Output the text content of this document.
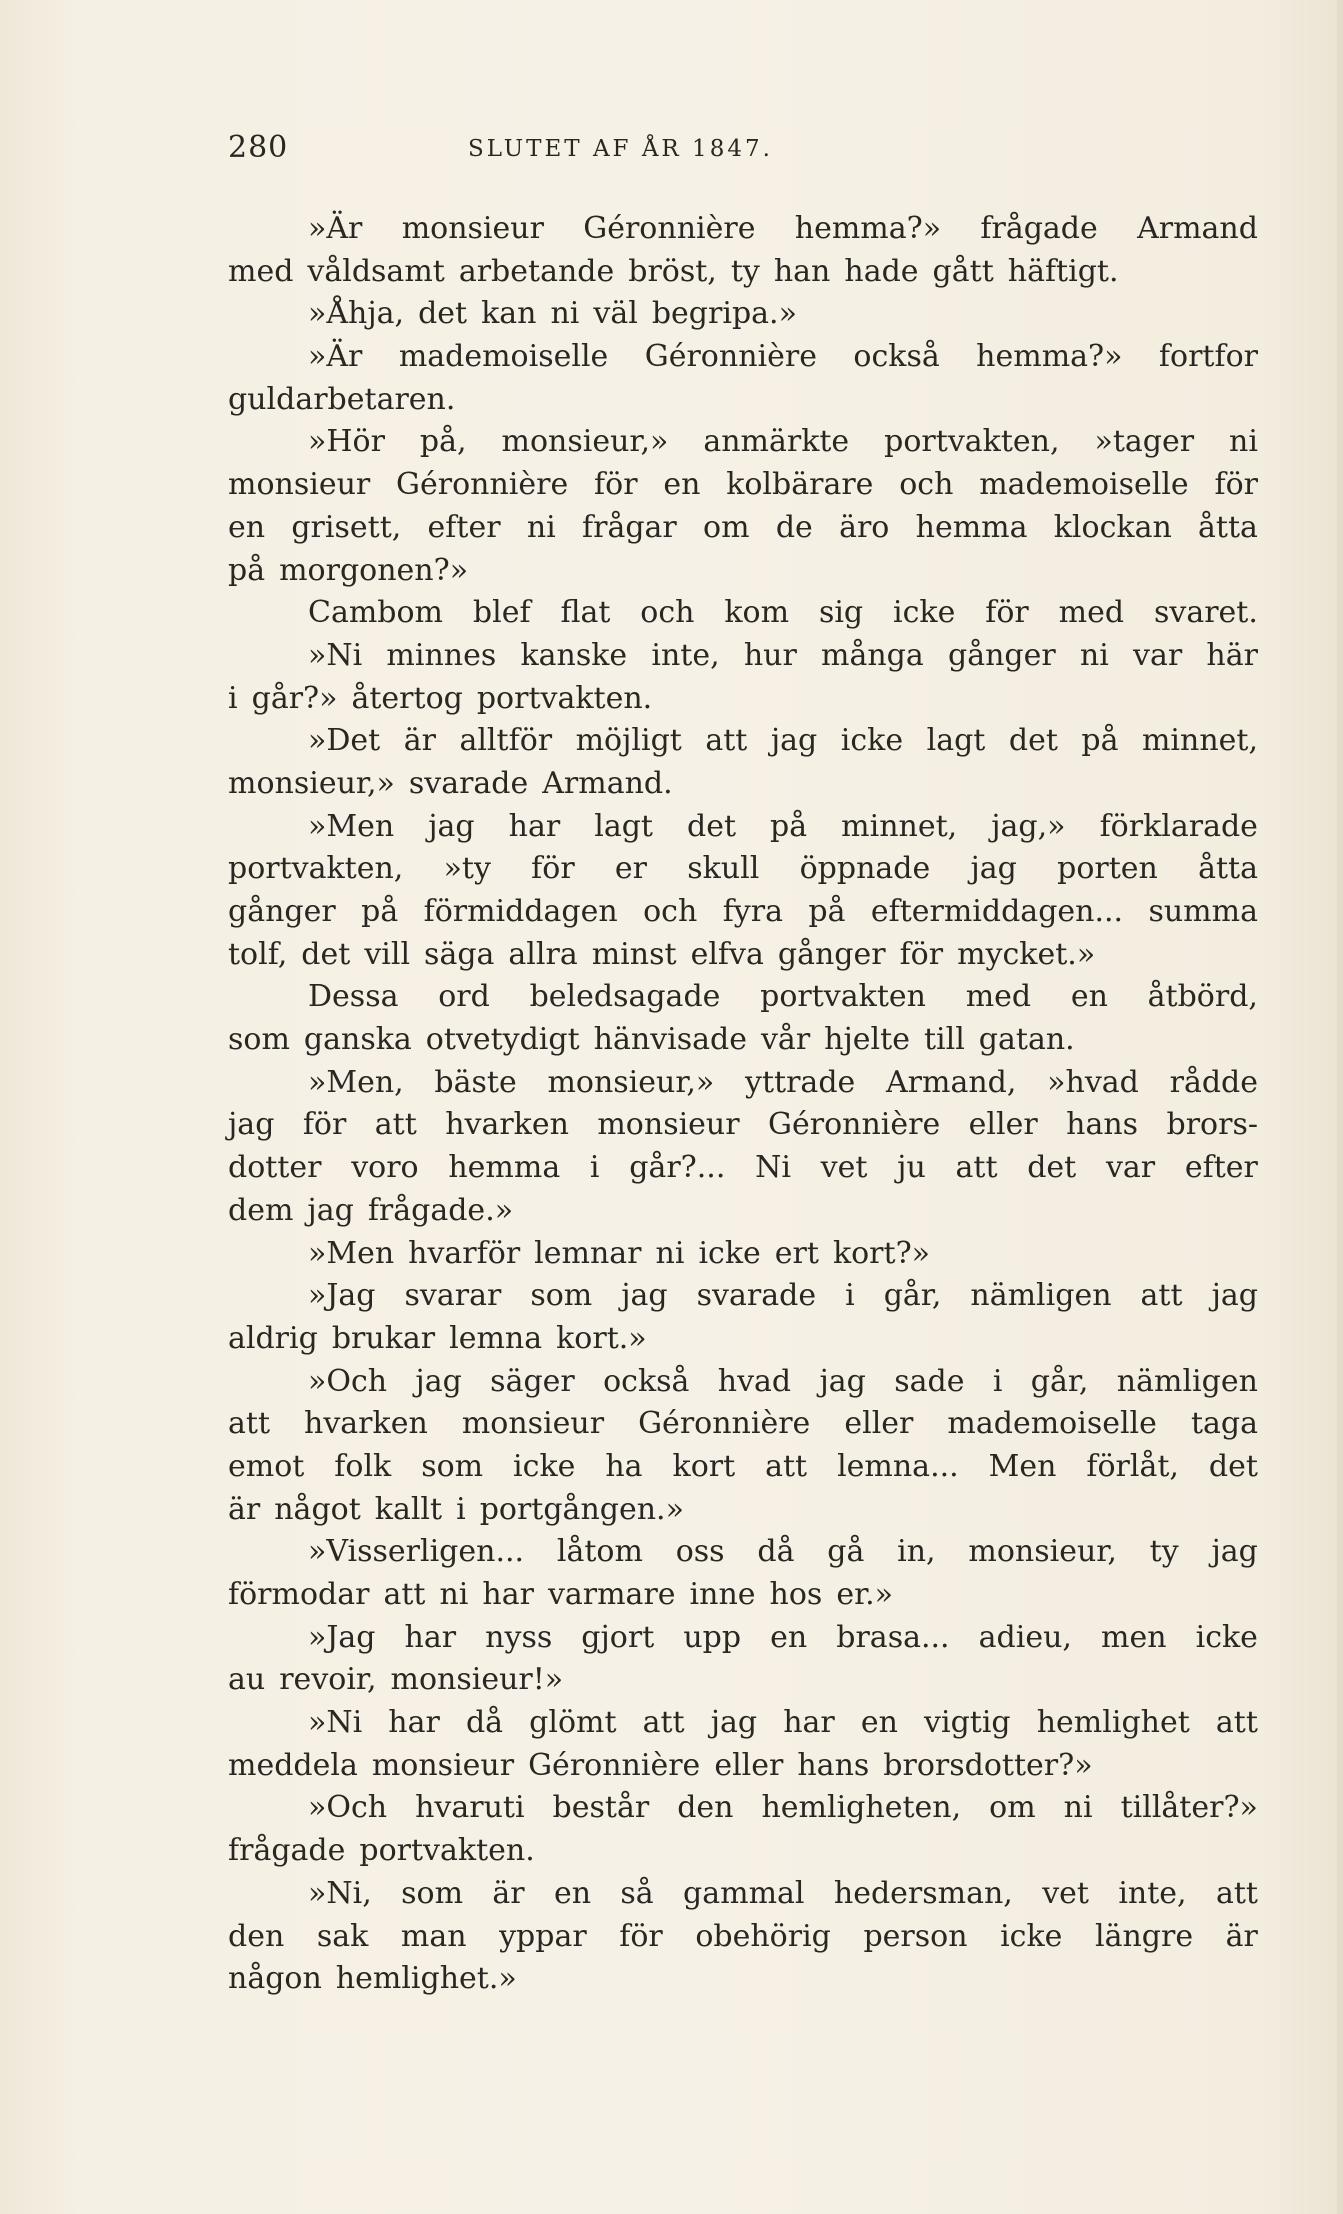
280	SLUTET AF ÅR 1847.
»Är monsieur Géronnière hemma?» frågade Armand
med våldsamt arbetande bröst, ty han hade gått häftigt.
»Åhja, det kan ni väl begripa.»
»Är mademoiselle Géronnière också hemma?» fortfor
guldarbetaren.
»Hör på, monsieur,» anmärkte portvakten, »tager ni
monsieur Géronnière för en kolbärare och mademoiselle för
en grisett, efter ni frågar om de äro hemma klockan åtta
på morgonen?»
Cambom blef flat och kom sig icke för med svaret.
»Ni minnes kanske inte, hur många gånger ni var här
i går?» återtog portvakten.
»Det är alltför möjligt att jag icke lagt det på minnet,
monsieur,» svarade Armand.
»Men jag har lagt det på minnet, jag,» förklarade
portvakten, »ty för er skull öppnade jag porten åtta
gånger på förmiddagen och fyra på eftermiddagen... summa
tolf, det vill säga allra minst elfva gånger för mycket.»
Dessa ord beledsagade portvakten med en åtbörd,
som ganska otvetydigt hänvisade vår hjelte till gatan.
»Men, bäste monsieur,» yttrade Armand, »hvad rådde
jag för att hvarken monsieur Géronnière eller hans brors-
dotter voro hemma i går?... Ni vet ju att det var efter
dem jag frågade.»
»Men hvarför lemnar ni icke ert kort?»
»Jag svarar som jag svarade i går, nämligen att jag
aldrig brukar lemna kort.»
»Och jag säger också hvad jag sade i går, nämligen
att hvarken monsieur Géronnière eller mademoiselle taga
emot folk som icke ha kort att lemna... Men förlåt, det
är något kallt i portgången.»
»Visserligen... låtom oss då gå in, monsieur, ty jag
förmodar att ni har varmare inne hos er.»
»Jag har nyss gjort upp en brasa... adieu, men icke
au revoir, monsieur!»
»Ni har då glömt att jag har en vigtig hemlighet att
meddela monsieur Géronnière eller hans brorsdotter?»
»Och hvaruti består den hemligheten, om ni tillåter?»
frågade portvakten.
»Ni, som är en så gammal hedersman, vet inte, att
den sak man yppar för obehörig person icke längre är
någon hemlighet.»
